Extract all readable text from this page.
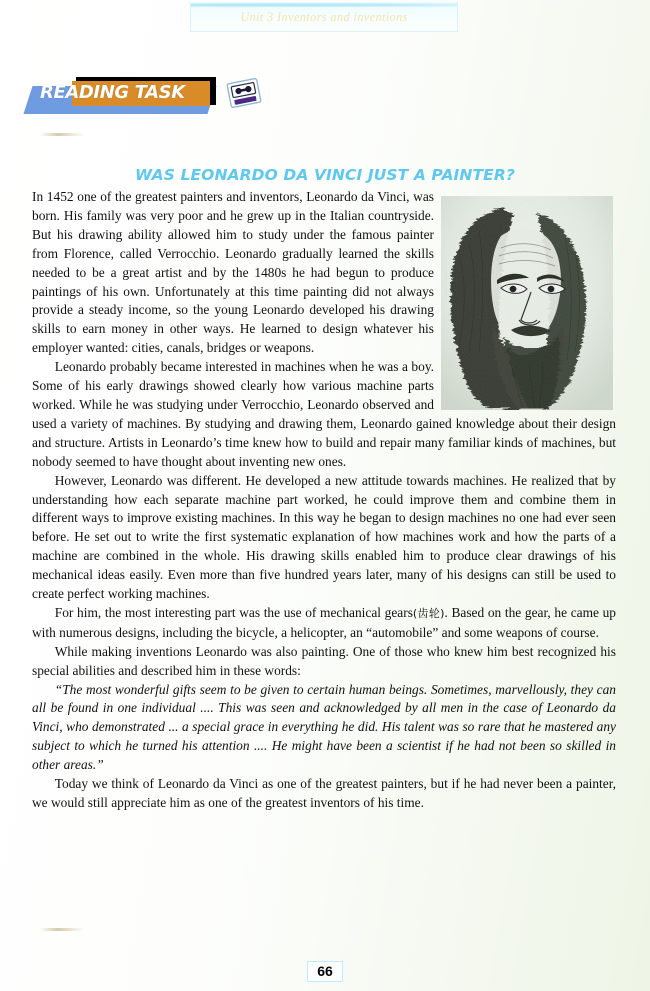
Unit 3 Inventors and inventions
READING TASK
WAS LEONARDO DA VINCI JUST A PAINTER?

In 1452 one of the greatest painters and inventors, Leonardo da Vinci, was born. His family was very poor and he grew up in the Italian countryside. But his drawing ability allowed him to study under the famous painter from Florence, called Verrocchio. Leonardo gradually learned the skills needed to be a great artist and by the 1480s he had begun to produce paintings of his own. Unfortunately at this time painting did not always provide a steady income, so the young Leonardo developed his drawing skills to earn money in other ways. He learned to design whatever his employer wanted: cities, canals, bridges or weapons.

Leonardo probably became interested in machines when he was a boy. Some of his early drawings showed clearly how various machine parts worked. While he was studying under Verrocchio, Leonardo observed and used a variety of machines. By studying and drawing them, Leonardo gained knowledge about their design and structure. Artists in Leonardo’s time knew how to build and repair many familiar kinds of machines, but nobody seemed to have thought about inventing new ones.

However, Leonardo was different. He developed a new attitude towards machines. He realized that by understanding how each separate machine part worked, he could improve them and combine them in different ways to improve existing machines. In this way he began to design machines no one had ever seen before. He set out to write the first systematic explanation of how machines work and how the parts of a machine are combined in the whole. His drawing skills enabled him to produce clear drawings of his mechanical ideas easily. Even more than five hundred years later, many of his designs can still be used to create perfect working machines.

For him, the most interesting part was the use of mechanical gears(齿轮). Based on the gear, he came up with numerous designs, including the bicycle, a helicopter, an “automobile” and some weapons of course.

While making inventions Leonardo was also painting. One of those who knew him best recognized his special abilities and described him in these words:

“The most wonderful gifts seem to be given to certain human beings. Sometimes, marvellously, they can all be found in one individual .... This was seen and acknowledged by all men in the case of Leonardo da Vinci, who demonstrated ... a special grace in everything he did. His talent was so rare that he mastered any subject to which he turned his attention .... He might have been a scientist if he had not been so skilled in other areas.”

Today we think of Leonardo da Vinci as one of the greatest painters, but if he had never been a painter, we would still appreciate him as one of the greatest inventors of his time.

66
